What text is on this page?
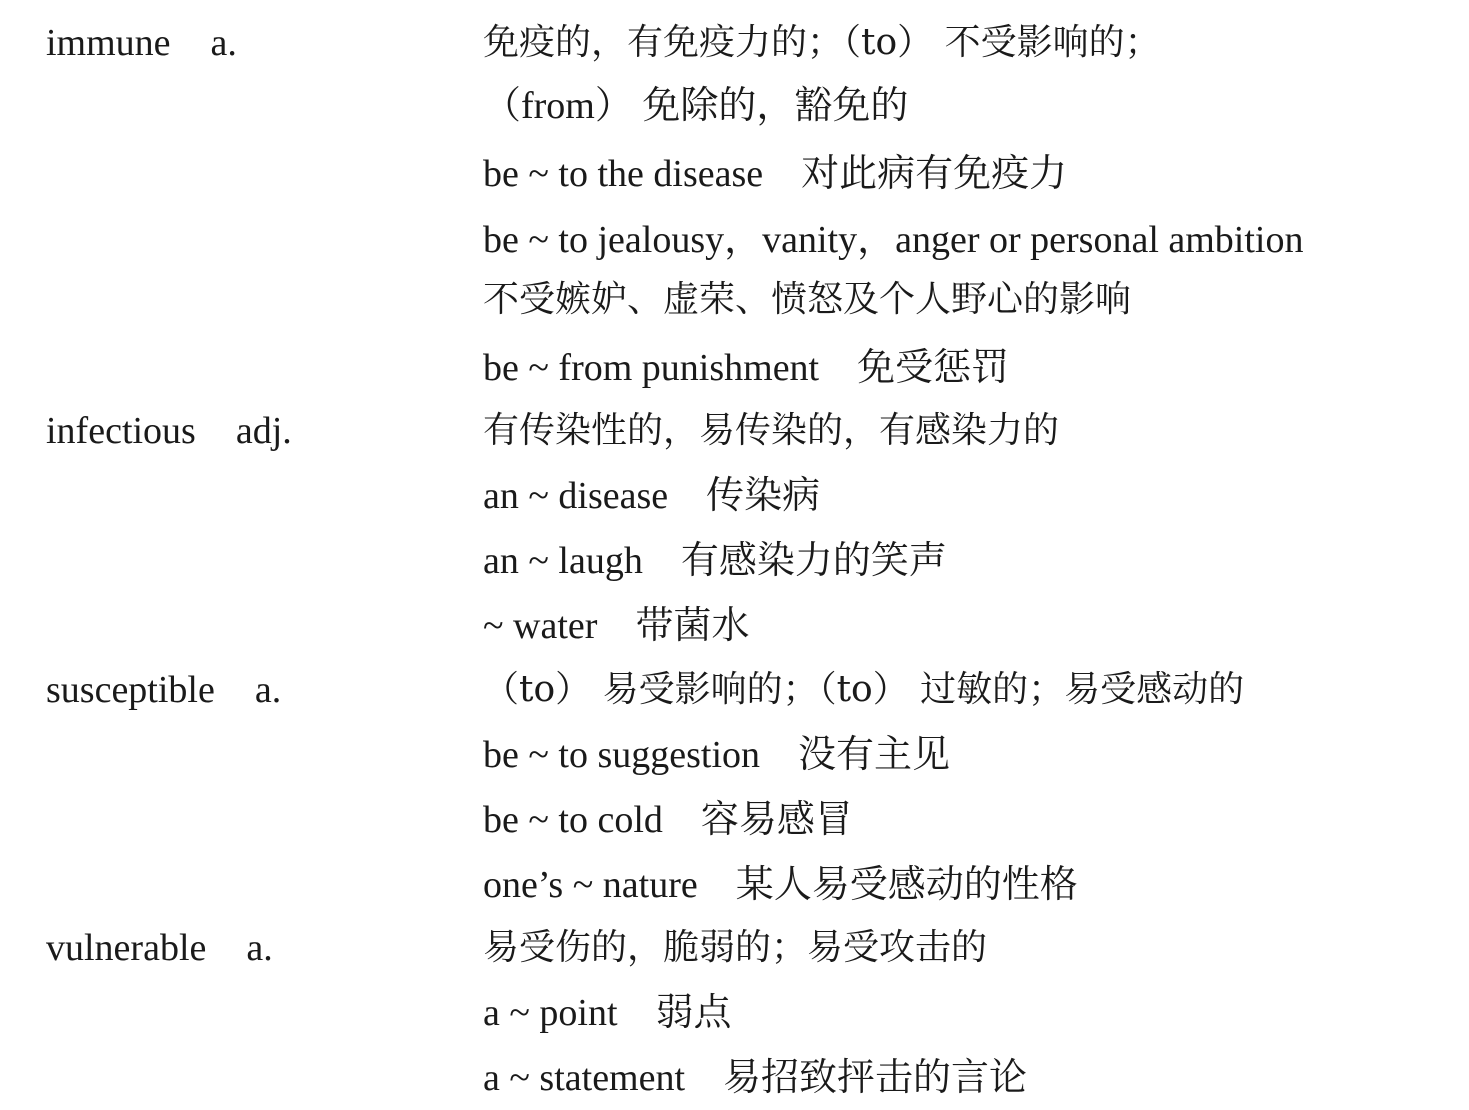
immune a.	免疫的，有免疫力的；（to） 不受影响的；
（from） 免除的，豁免的
be ~ to the disease　对此病有免疫力
be ~ to jealousy，vanity，anger or personal ambition
不受嫉妒、虚荣、愤怒及个人野心的影响
be ~ from punishment　免受惩罚
infectious adj.	有传染性的，易传染的，有感染力的
an ~ disease　传染病
an ~ laugh　有感染力的笑声
~ water　带菌水
susceptible a.	（to） 易受影响的；（to） 过敏的；易受感动的
be ~ to suggestion　没有主见
be ~ to cold　容易感冒
one’s ~ nature　某人易受感动的性格
vulnerable a.	易受伤的，脆弱的；易受攻击的
a ~ point　弱点
a ~ statement　易招致抨击的言论
